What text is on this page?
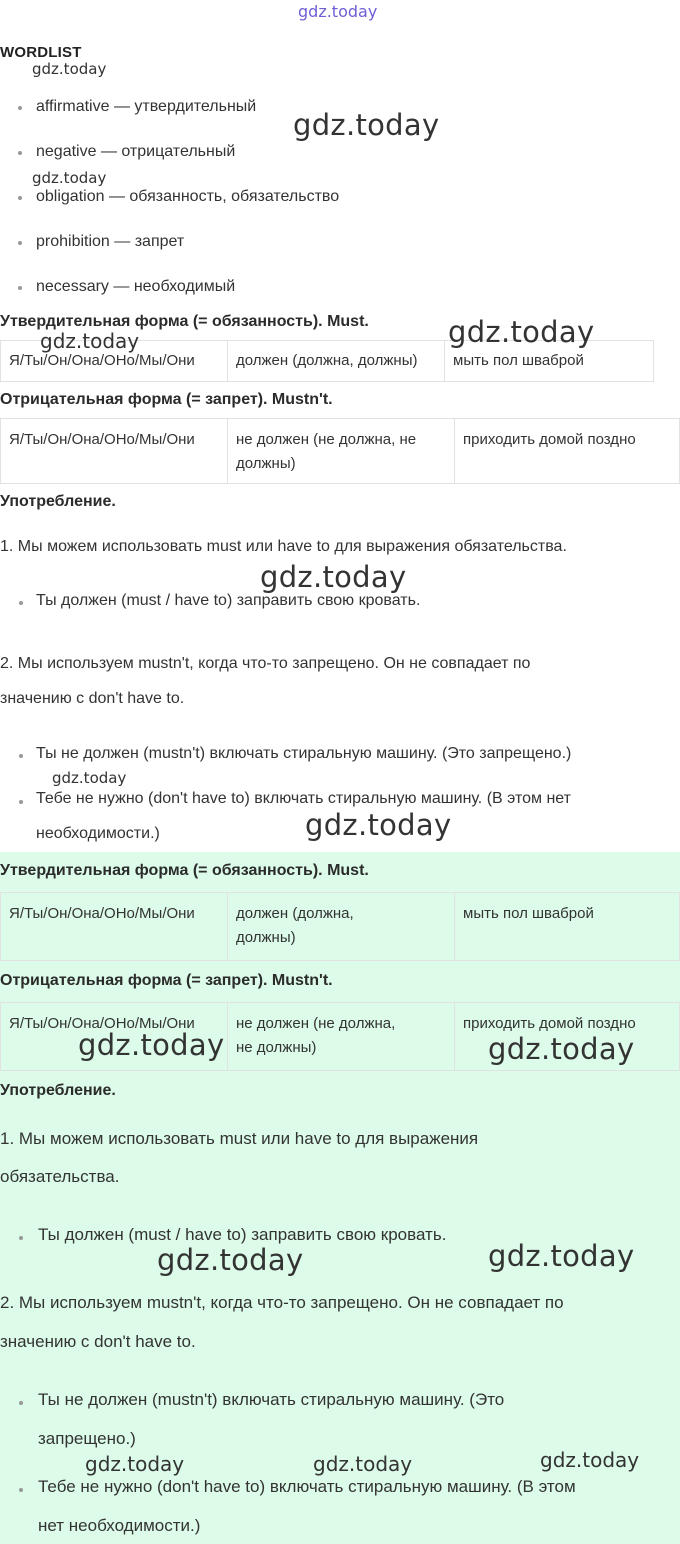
WORDLIST
affirmative — утвердительный
negative — отрицательный
obligation — обязанность, обязательство
prohibition — запрет
necessary — необходимый
Утвердительная форма (= обязанность). Must.
Я/Ты/Он/Она/ОНо/Мы/Они	должен (должна, должны)	мыть пол шваброй
Отрицательная форма (= запрет). Mustn't.
Я/Ты/Он/Она/ОНо/Мы/Они	не должен (не должна, не
должны)	приходить домой поздно
Употребление.
1. Мы можем использовать must или have to для выражения обязательства.
Ты должен (must / have to) заправить свою кровать.
2. Мы используем mustn't, когда что-то запрещено. Он не совпадает по
значению с don't have to.
Ты не должен (mustn't) включать стиральную машину. (Это запрещено.)
Тебе не нужно (don't have to) включать стиральную машину. (В этом нет
необходимости.)
Утвердительная форма (= обязанность). Must.
Я/Ты/Он/Она/ОНо/Мы/Они	должен (должна,
должны)	мыть пол шваброй
Отрицательная форма (= запрет). Mustn't.
Я/Ты/Он/Она/ОНо/Мы/Они	не должен (не должна,
не должны)	приходить домой поздно
Употребление.
1. Мы можем использовать must или have to для выражения
обязательства.
Ты должен (must / have to) заправить свою кровать.
2. Мы используем mustn't, когда что-то запрещено. Он не совпадает по
значению с don't have to.
Ты не должен (mustn't) включать стиральную машину. (Это
запрещено.)
Тебе не нужно (don't have to) включать стиральную машину. (В этом
нет необходимости.)
gdz.today
gdz.today
gdz.today
gdz.today
gdz.today
gdz.today
gdz.today
gdz.today
gdz.today
gdz.today	gdz.today
gdz.today
gdz.today
gdz.today
gdz.today	gdz.today
